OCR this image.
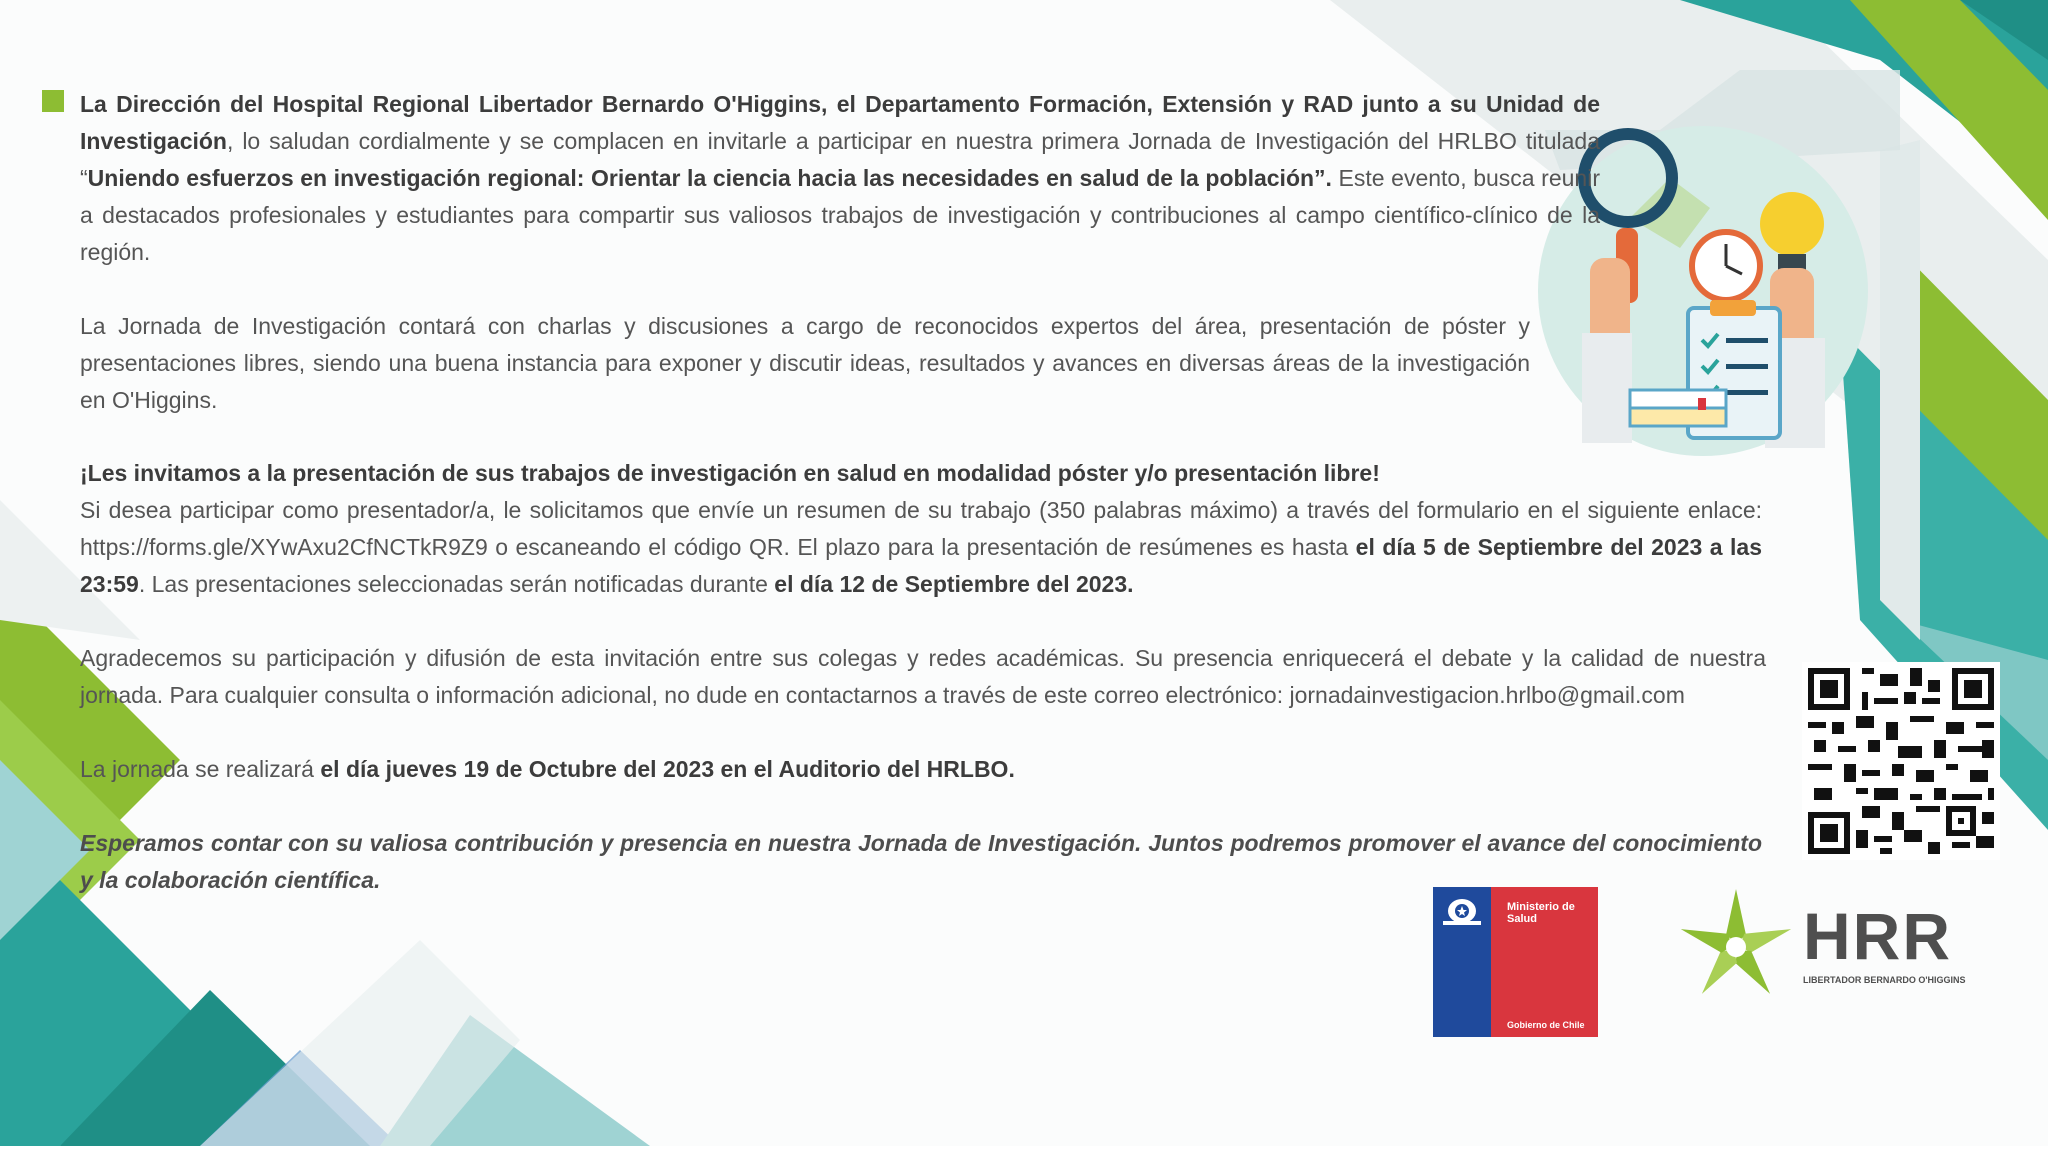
La Dirección del Hospital Regional Libertador Bernardo O'Higgins, el Departamento Formación, Extensión y RAD junto a su Unidad de Investigación, lo saludan cordialmente y se complacen en invitarle a participar en nuestra primera Jornada de Investigación del HRLBO titulada “Uniendo esfuerzos en investigación regional: Orientar la ciencia hacia las necesidades en salud de la población”. Este evento, busca reunir a destacados profesionales y estudiantes para compartir sus valiosos trabajos de investigación y contribuciones al campo científico-clínico de la región.
La Jornada de Investigación contará con charlas y discusiones a cargo de reconocidos expertos del área, presentación de póster y presentaciones libres, siendo una buena instancia para exponer y discutir ideas, resultados y avances en diversas áreas de la investigación en O'Higgins.
¡Les invitamos a la presentación de sus trabajos de investigación en salud en modalidad póster y/o presentación libre!
Si desea participar como presentador/a, le solicitamos que envíe un resumen de su trabajo (350 palabras máximo) a través del formulario en el siguiente enlace: https://forms.gle/XYwAxu2CfNCTkR9Z9 o escaneando el código QR. El plazo para la presentación de resúmenes es hasta el día 5 de Septiembre del 2023 a las 23:59. Las presentaciones seleccionadas serán notificadas durante el día 12 de Septiembre del 2023.
Agradecemos su participación y difusión de esta invitación entre sus colegas y redes académicas. Su presencia enriquecerá el debate y la calidad de nuestra jornada. Para cualquier consulta o información adicional, no dude en contactarnos a través de este correo electrónico: jornadainvestigacion.hrlbo@gmail.com
La jornada se realizará el día jueves 19 de Octubre del 2023 en el Auditorio del HRLBO.
Esperamos contar con su valiosa contribución y presencia en nuestra Jornada de Investigación. Juntos podremos promover el avance del conocimiento y la colaboración científica.
Ministerio de
Salud
Gobierno de Chile
HRR
LIBERTADOR BERNARDO O'HIGGINS
